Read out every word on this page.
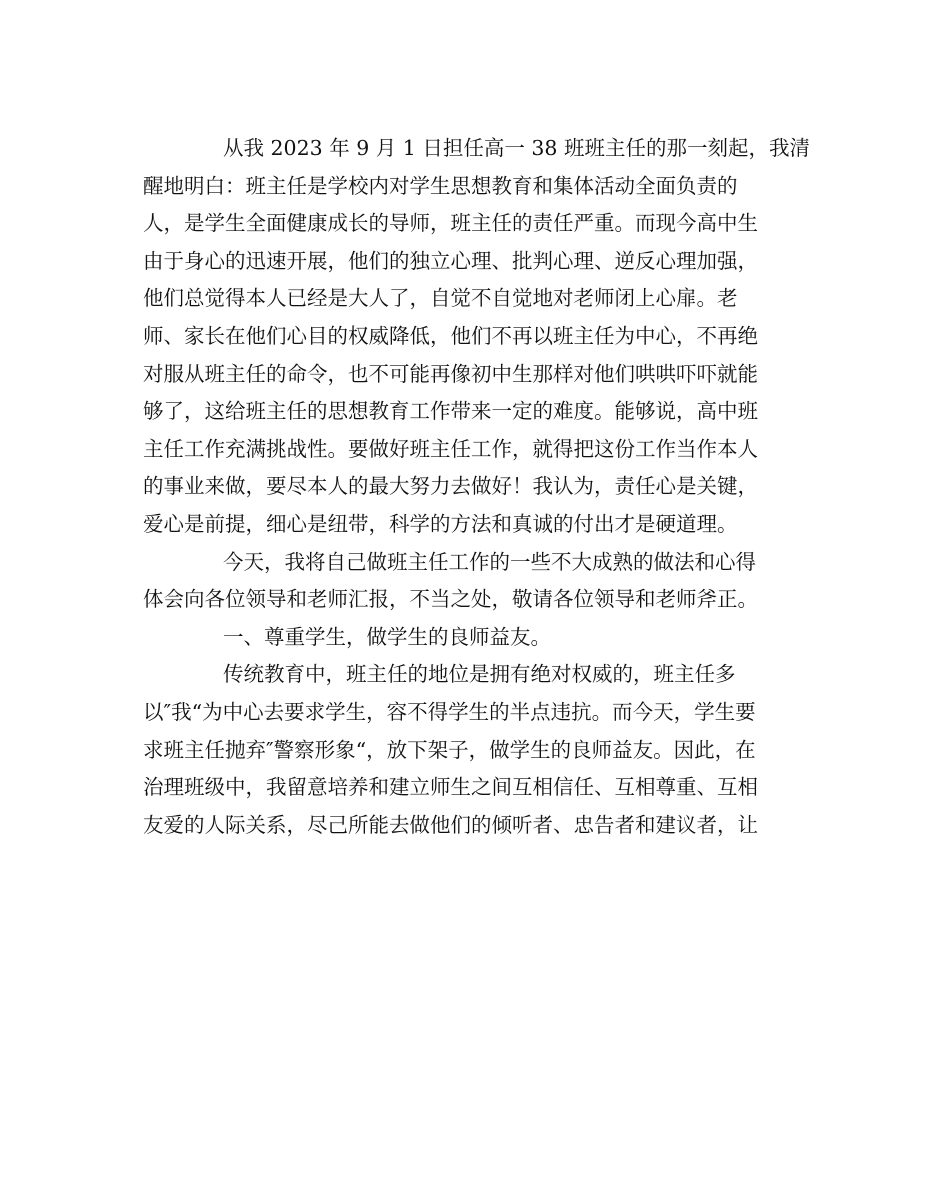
从我 2023 年 9 月 1 日担任高一 38 班班主任的那一刻起，我清
醒地明白：班主任是学校内对学生思想教育和集体活动全面负责的
人，是学生全面健康成长的导师，班主任的责任严重。而现今高中生
由于身心的迅速开展，他们的独立心理、批判心理、逆反心理加强，
他们总觉得本人已经是大人了，自觉不自觉地对老师闭上心扉。老
师、家长在他们心目的权威降低，他们不再以班主任为中心，不再绝
对服从班主任的命令，也不可能再像初中生那样对他们哄哄吓吓就能
够了，这给班主任的思想教育工作带来一定的难度。能够说，高中班
主任工作充满挑战性。要做好班主任工作，就得把这份工作当作本人
的事业来做，要尽本人的最大努力去做好！我认为，责任心是关键，
爱心是前提，细心是纽带，科学的方法和真诚的付出才是硬道理。
今天，我将自己做班主任工作的一些不大成熟的做法和心得
体会向各位领导和老师汇报，不当之处，敬请各位领导和老师斧正。
一、尊重学生，做学生的良师益友。
传统教育中，班主任的地位是拥有绝对权威的，班主任多
以″我“为中心去要求学生，容不得学生的半点违抗。而今天，学生要
求班主任抛弃″警察形象“，放下架子，做学生的良师益友。因此，在
治理班级中，我留意培养和建立师生之间互相信任、互相尊重、互相
友爱的人际关系，尽己所能去做他们的倾听者、忠告者和建议者，让
